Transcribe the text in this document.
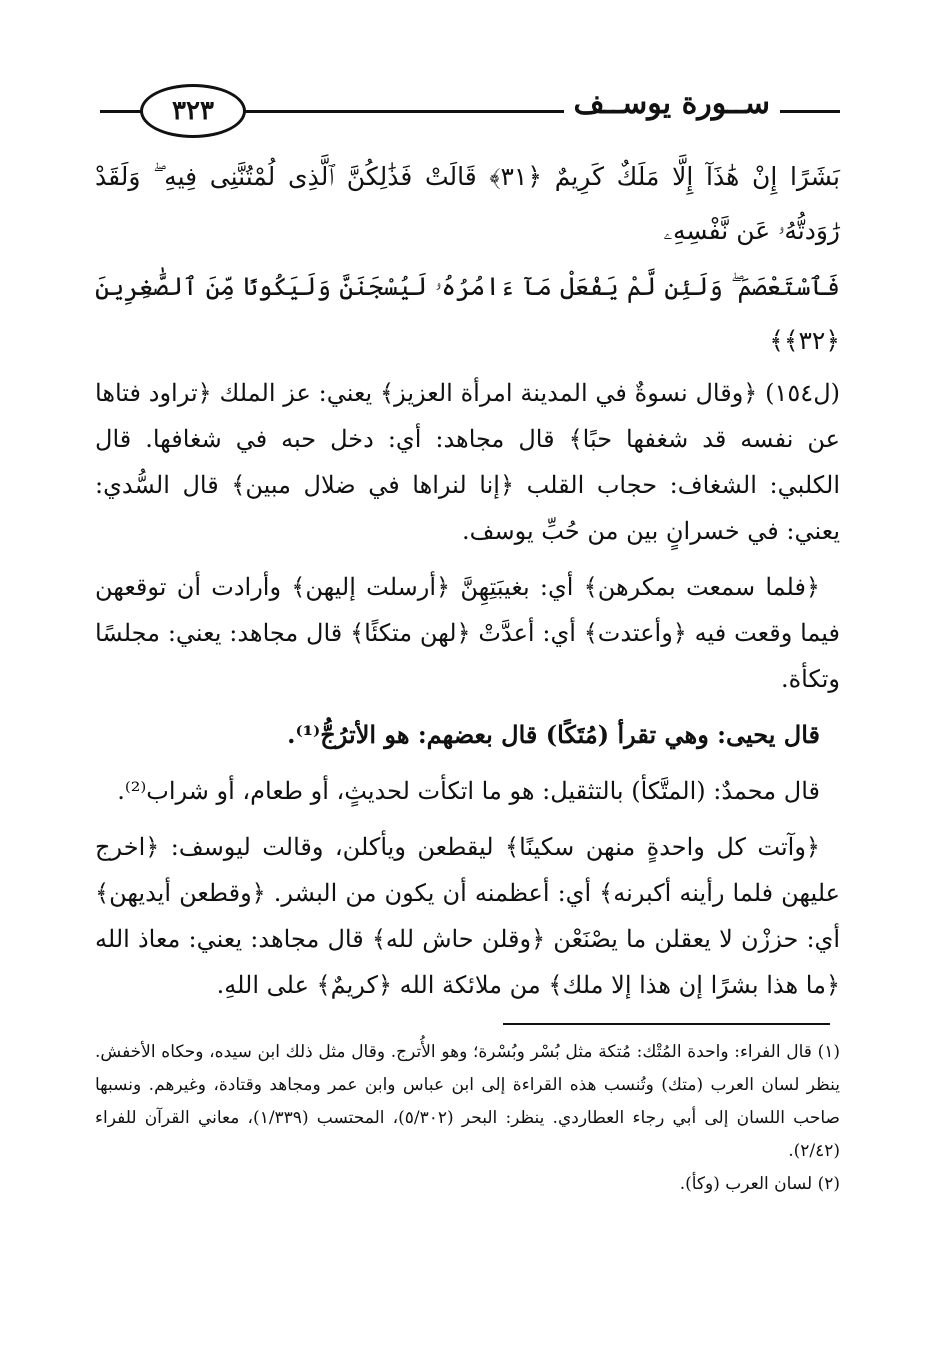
٣٢٣	ســورة يوســف

بَشَرًا إِنْ هَٰذَآ إِلَّا مَلَكٌ كَرِيمٌ ﴿٣١﴾ قَالَتْ فَذَٰلِكُنَّ ٱلَّذِى لُمْتُنَّنِى فِيهِ ۖ وَلَقَدْ رَٰوَدتُّهُۥ عَن نَّفْسِهِۦ

فَٱسْتَعْصَمَ ۖ وَلَئِن لَّمْ يَفْعَلْ مَآ ءَامُرُهُۥ لَيُسْجَنَنَّ وَلَيَكُونًا مِّنَ ٱلصَّٰغِرِينَ ﴿٣٢﴾﴾

(ل١٥٤) ﴿وقال نسوةٌ في المدينة امرأة العزيز﴾ يعني: عز الملك ﴿تراود فتاها عن نفسه قد شغفها حبًا﴾ قال مجاهد: أي: دخل حبه في شغافها. قال الكلبي: الشغاف: حجاب القلب ﴿إنا لنراها في ضلال مبين﴾ قال السُّدي: يعني: في خسرانٍ بين من حُبِّ يوسف.

﴿فلما سمعت بمكرهن﴾ أي: بغيبَتِهِنَّ ﴿أرسلت إليهن﴾ وأرادت أن توقعهن فيما وقعت فيه ﴿وأعتدت﴾ أي: أعدَّتْ ﴿لهن متكئًا﴾ قال مجاهد: يعني: مجلسًا وتكأة.

قال يحيى: وهي تقرأ (مُتَكًا) قال بعضهم: هو الأترُجُّ⁽¹⁾.

قال محمدٌ: (المتَّكأ) بالتثقيل: هو ما اتكأت لحديثٍ، أو طعام، أو شراب⁽²⁾.

﴿وآتت كل واحدةٍ منهن سكينًا﴾ ليقطعن ويأكلن، وقالت ليوسف: ﴿اخرج عليهن فلما رأينه أكبرنه﴾ أي: أعظمنه أن يكون من البشر. ﴿وقطعن أيديهن﴾ أي: حززْن لا يعقلن ما يصْنَعْن ﴿وقلن حاش لله﴾ قال مجاهد: يعني: معاذ الله ﴿ما هذا بشرًا إن هذا إلا ملك﴾ من ملائكة الله ﴿كريمٌ﴾ على اللهِ.

(١) قال الفراء: واحدة المُتْك: مُتكة مثل بُسْر وبُسْرة؛ وهو الأُترج. وقال مثل ذلك ابن سيده، وحكاه الأخفش. ينظر لسان العرب (متك) وتُنسب هذه القراءة إلى ابن عباس وابن عمر ومجاهد وقتادة، وغيرهم. ونسبها صاحب اللسان إلى أبي رجاء العطاردي. ينظر: البحر (٥/٣٠٢)، المحتسب (١/٣٣٩)، معاني القرآن للفراء (٢/٤٢).

(٢) لسان العرب (وكأ).
